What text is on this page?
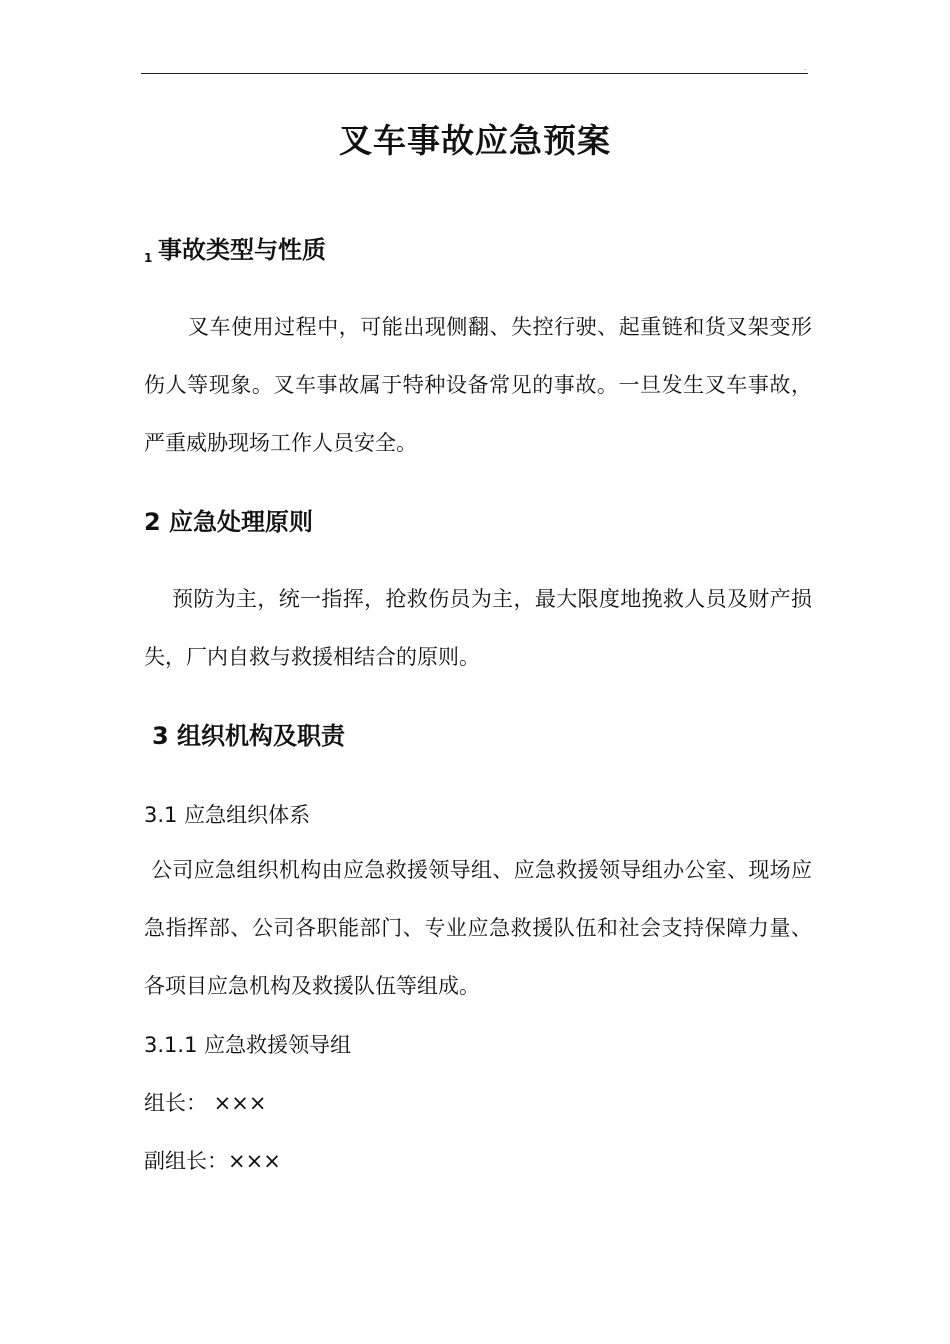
.
叉车事故应急预案
1 事故类型与性质
叉车使用过程中，可能出现侧翻、失控行驶、起重链和货叉架变形伤人等现象。叉车事故属于特种设备常见的事故。一旦发生叉车事故，严重威胁现场工作人员安全。
2 应急处理原则
预防为主，统一指挥，抢救伤员为主，最大限度地挽救人员及财产损失，厂内自救与救援相结合的原则。
3 组织机构及职责
3.1 应急组织体系
公司应急组织机构由应急救援领导组、应急救援领导组办公室、现场应急指挥部、公司各职能部门、专业应急救援队伍和社会支持保障力量、各项目应急机构及救援队伍等组成。
3.1.1 应急救援领导组
组长： ×××
副组长：×××
